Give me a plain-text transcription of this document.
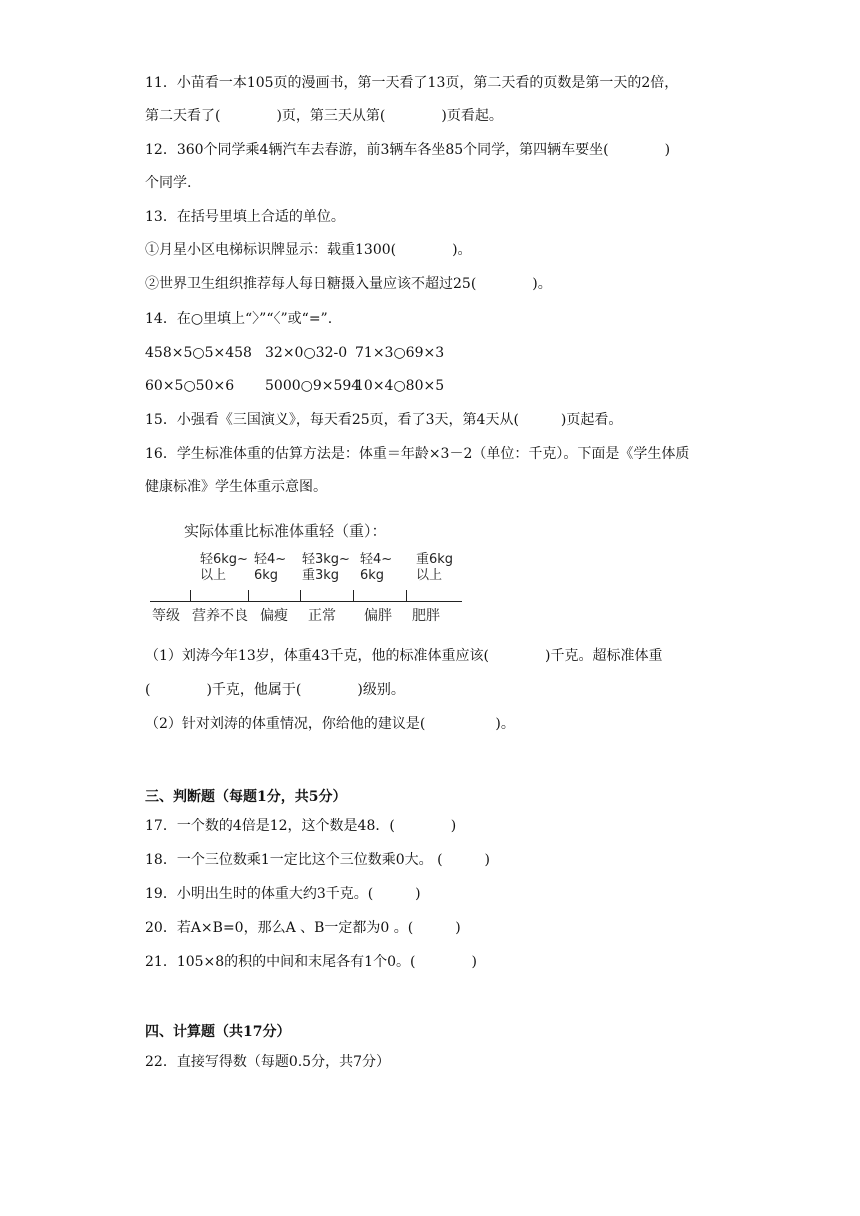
11．小苗看一本105页的漫画书，第一天看了13页，第二天看的页数是第一天的2倍，
第二天看了(　　　　)页，第三天从第(　　　　)页看起。
12．360个同学乘4辆汽车去春游，前3辆车各坐85个同学，第四辆车要坐(　　　　)
个同学.
13．在括号里填上合适的单位。
①月星小区电梯标识牌显示：载重1300(　　　　)。
②世界卫生组织推荐每人每日糖摄入量应该不超过25(　　　　)。
14．在○里填上“〉”“〈”或“=”.
458×5○5×458 32×0○32-0 71×3○69×3
60×5○50×6 5000○9×59410×4○80×5
15．小强看《三国演义》，每天看25页，看了3天，第4天从(　　　)页起看。
16．学生标准体重的估算方法是：体重＝年龄×3－2（单位：千克）。下面是《学生体质
健康标准》学生体重示意图。
实际体重比标准体重轻（重）：
轻6kg~
以上
轻4~
6kg
轻3kg~
重3kg
轻4~
6kg
重6kg
以上
等级 营养不良 偏瘦 正常 偏胖 肥胖
（1）刘涛今年13岁，体重43千克，他的标准体重应该(　　　　)千克。超标准体重
(　　　　)千克，他属于(　　　　)级别。
（2）针对刘涛的体重情况，你给他的建议是(　　　　　)。
三、判断题（每题1分，共5分）
17．一个数的4倍是12，这个数是48．(　　　　)
18．一个三位数乘1一定比这个三位数乘0大。 (　　　)
19．小明出生时的体重大约3千克。(　　　)
20．若A×B=0，那么A 、B一定都为0 。(　　　)
21．105×8的积的中间和末尾各有1个0。(　　　　)
四、计算题（共17分）
22．直接写得数（每题0.5分，共7分）
